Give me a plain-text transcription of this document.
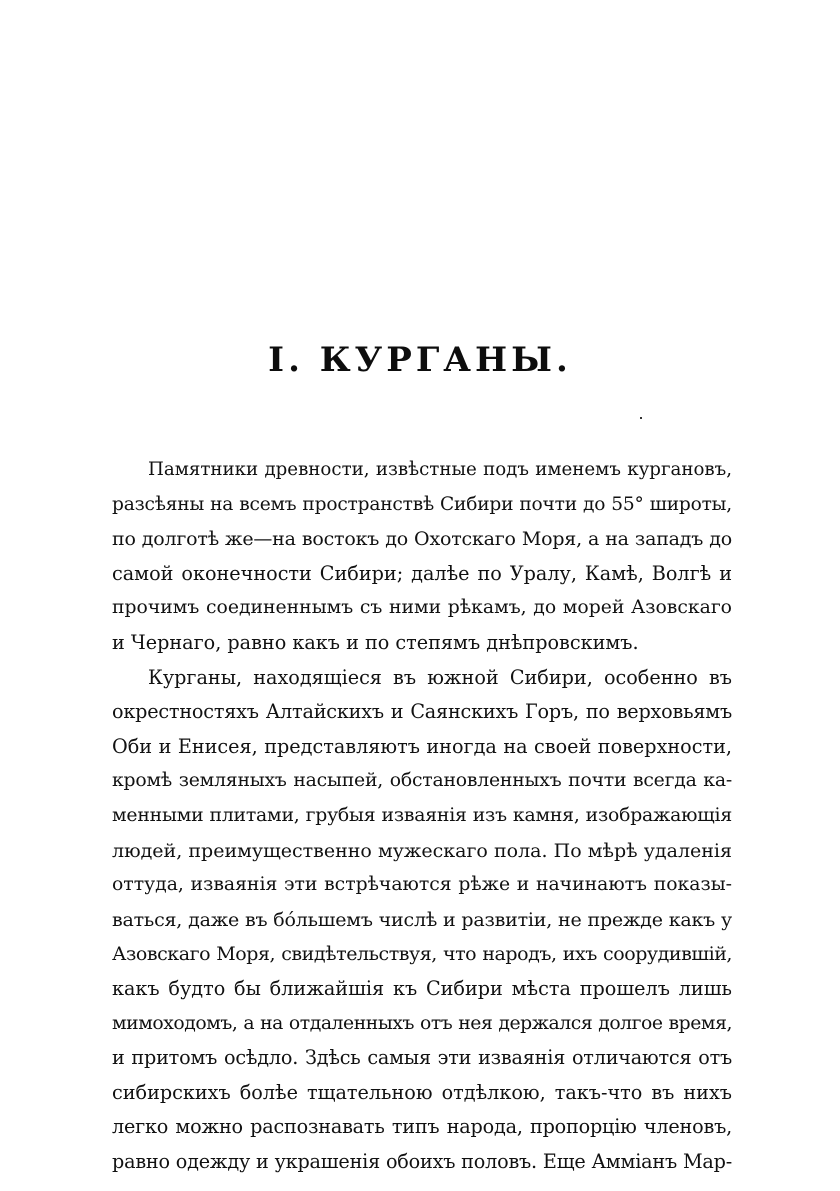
I. КУРГАНЫ.
Памятники древности, извѣстные подъ именемъ кургановъ,
разсѣяны на всемъ пространствѣ Сибири почти до 55° широты,
по долготѣ же—на востокъ до Охотскаго Моря, а на западъ до
самой оконечности Сибири; далѣе по Уралу, Камѣ, Волгѣ и
прочимъ соединеннымъ съ ними рѣкамъ, до морей Азовскаго
и Чернаго, равно какъ и по степямъ днѣпровскимъ.
Курганы, находящіеся въ южной Сибири, особенно въ
окрестностяхъ Алтайскихъ и Саянскихъ Горъ, по верховьямъ
Оби и Енисея, представляютъ иногда на своей поверхности,
кромѣ земляныхъ насыпей, обстановленныхъ почти всегда ка-
менными плитами, грубыя изваянія изъ камня, изображающія
людей, преимущественно мужескаго пола. По мѣрѣ удаленія
оттуда, изваянія эти встрѣчаются рѣже и начинаютъ показы-
ваться, даже въ бо́льшемъ числѣ и развитіи, не прежде какъ у
Азовскаго Моря, свидѣтельствуя, что народъ, ихъ соорудившій,
какъ будто бы ближайшія къ Сибири мѣста прошелъ лишь
мимоходомъ, а на отдаленныхъ отъ нея держался долгое время,
и притомъ осѣдло. Здѣсь самыя эти изваянія отличаются отъ
сибирскихъ болѣе тщательною отдѣлкою, такъ-что въ нихъ
легко можно распознавать типъ народа, пропорцію членовъ,
равно одежду и украшенія обоихъ половъ. Еще Амміанъ Мар-
